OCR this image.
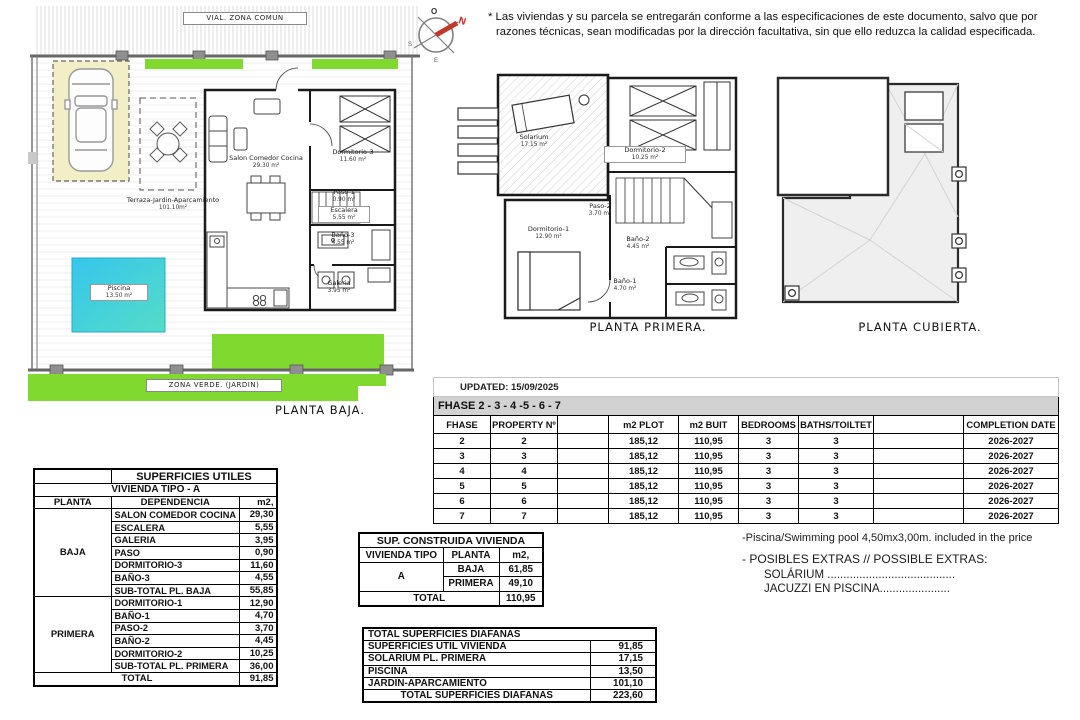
VIAL. ZONA COMUN
Terraza-Jardin-Aparcamiento
101.10m²
Salon Comedor Cocina
29.30 m²
Dormitorio-3
11.60 m²
Paso-1
0.90 m²
Escalera
5.55 m²
Baño-3
4.55 m²
Galeria
3.95 m²
Piscina
13.50 m²
ZONA VERDE. (JARDIN)
PLANTA BAJA.
O
N
E
S
* Las viviendas y su parcela se entregarán conforme a las especificaciones de este documento, salvo que por razones técnicas, sean modificadas por la dirección facultativa, sin que ello reduzca la calidad especificada.
Solarium
17.15 m²
Dormitorio-2
10.25 m²
Paso-2
3.70 m²
Dormitorio-1
12.90 m²	Baño-2
4.45 m²
Baño-1
4.70 m²
PLANTA PRIMERA.	PLANTA CUBIERTA.
UPDATED: 15/09/2025								
FHASE 2 - 3 - 4 -5 - 6 - 7								
FHASE	PROPERTY Nº		m2 PLOT	m2 BUIT	BEDROOMS	BATHS/TOILTET		COMPLETION DATE
2	2		185,12	110,95	3	3		2026-2027
3	3		185,12	110,95	3	3		2026-2027
4	4		185,12	110,95	3	3		2026-2027
5	5		185,12	110,95	3	3		2026-2027
6	6		185,12	110,95	3	3		2026-2027
7	7		185,12	110,95	3	3		2026-2027
	SUPERFICIES UTILES	
VIVIENDA TIPO - A		
PLANTA	DEPENDENCIA	m2,
BAJA	SALON COMEDOR COCINA	29,30
	ESCALERA	5,55
	GALERIA	3,95
	PASO	0,90
	DORMITORIO-3	11,60
	BAÑO-3	4,55
	SUB-TOTAL PL. BAJA	55,85
PRIMERA	DORMITORIO-1	12,90
	BAÑO-1	4,70
	PASO-2	3,70
	BAÑO-2	4,45
	DORMITORIO-2	10,25
	SUB-TOTAL PL. PRIMERA	36,00
TOTAL		91,85
SUP. CONSTRUIDA VIVIENDA		
VIVIENDA TIPO	PLANTA	m2,
A	BAJA	61,85
	PRIMERA	49,10
TOTAL		110,95
TOTAL SUPERFICIES DIAFANAS	
SUPERFICIES UTIL VIVIENDA	91,85
SOLARIUM PL. PRIMERA	17,15
PISCINA	13,50
JARDIN-APARCAMIENTO	101,10
TOTAL SUPERFICIES DIAFANAS	223,60
-Piscina/Swimming pool 4,50mx3,00m. included in the price
- POSIBLES EXTRAS // POSSIBLE EXTRAS:
SOLÁRIUM ........................................
JACUZZI EN PISCINA......................
